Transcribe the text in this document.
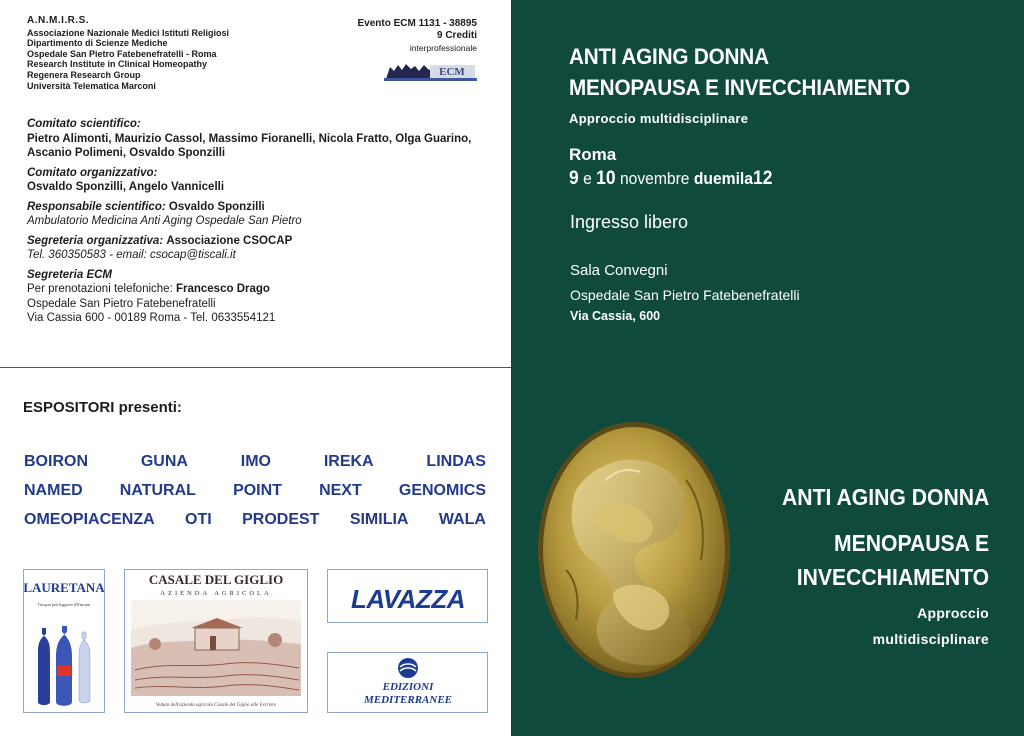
A.N.M.I.R.S.
Associazione Nazionale Medici Istituti Religiosi
Dipartimento di Scienze Mediche
Ospedale San Pietro Fatebenefratelli - Roma
Research Institute in Clinical Homeopathy
Regenera Research Group
Università Telematica Marconi
Evento ECM 1131 - 38895
9 Crediti
interprofessionale
ECM
Comitato scientifico:
Pietro Alimonti, Maurizio Cassol, Massimo Fioranelli, Nicola Fratto, Olga Guarino, Ascanio Polimeni, Osvaldo Sponzilli
Comitato organizzativo:
Osvaldo Sponzilli, Angelo Vannicelli
Responsabile scientifico: Osvaldo Sponzilli
Ambulatorio Medicina Anti Aging Ospedale San Pietro
Segreteria organizzativa: Associazione CSOCAP
Tel. 360350583 - email: csocap@tiscali.it
Segreteria ECM
Per prenotazioni telefoniche: Francesco Drago
Ospedale San Pietro Fatebenefratelli
Via Cassia 600 - 00189 Roma - Tel. 0633554121
ANTI AGING DONNA
MENOPAUSA E INVECCHIAMENTO
Approccio multidisciplinare
Roma
9 e 10 novembre duemila12
Ingresso libero
Sala Convegni
Ospedale San Pietro Fatebenefratelli
Via Cassia, 600
ESPOSITORI presenti:
BOIRON	GUNA	IMO	IREKA	LINDAS
NAMED NATURAL POINT NEXT GENOMICS
OMEOPIACENZA OTI PRODEST SIMILIA WALA
LAURETANA
l'acqua più leggera d'Europa
CASALE DEL GIGLIO
AZIENDA AGRICOLA
Veduta dell'azienda agricola Casale del Giglio alle Ferriere
LAVAZZA
EDIZIONI
MEDITERRANEE
ANTI AGING DONNA
MENOPAUSA E
INVECCHIAMENTO
Approccio
multidisciplinare
